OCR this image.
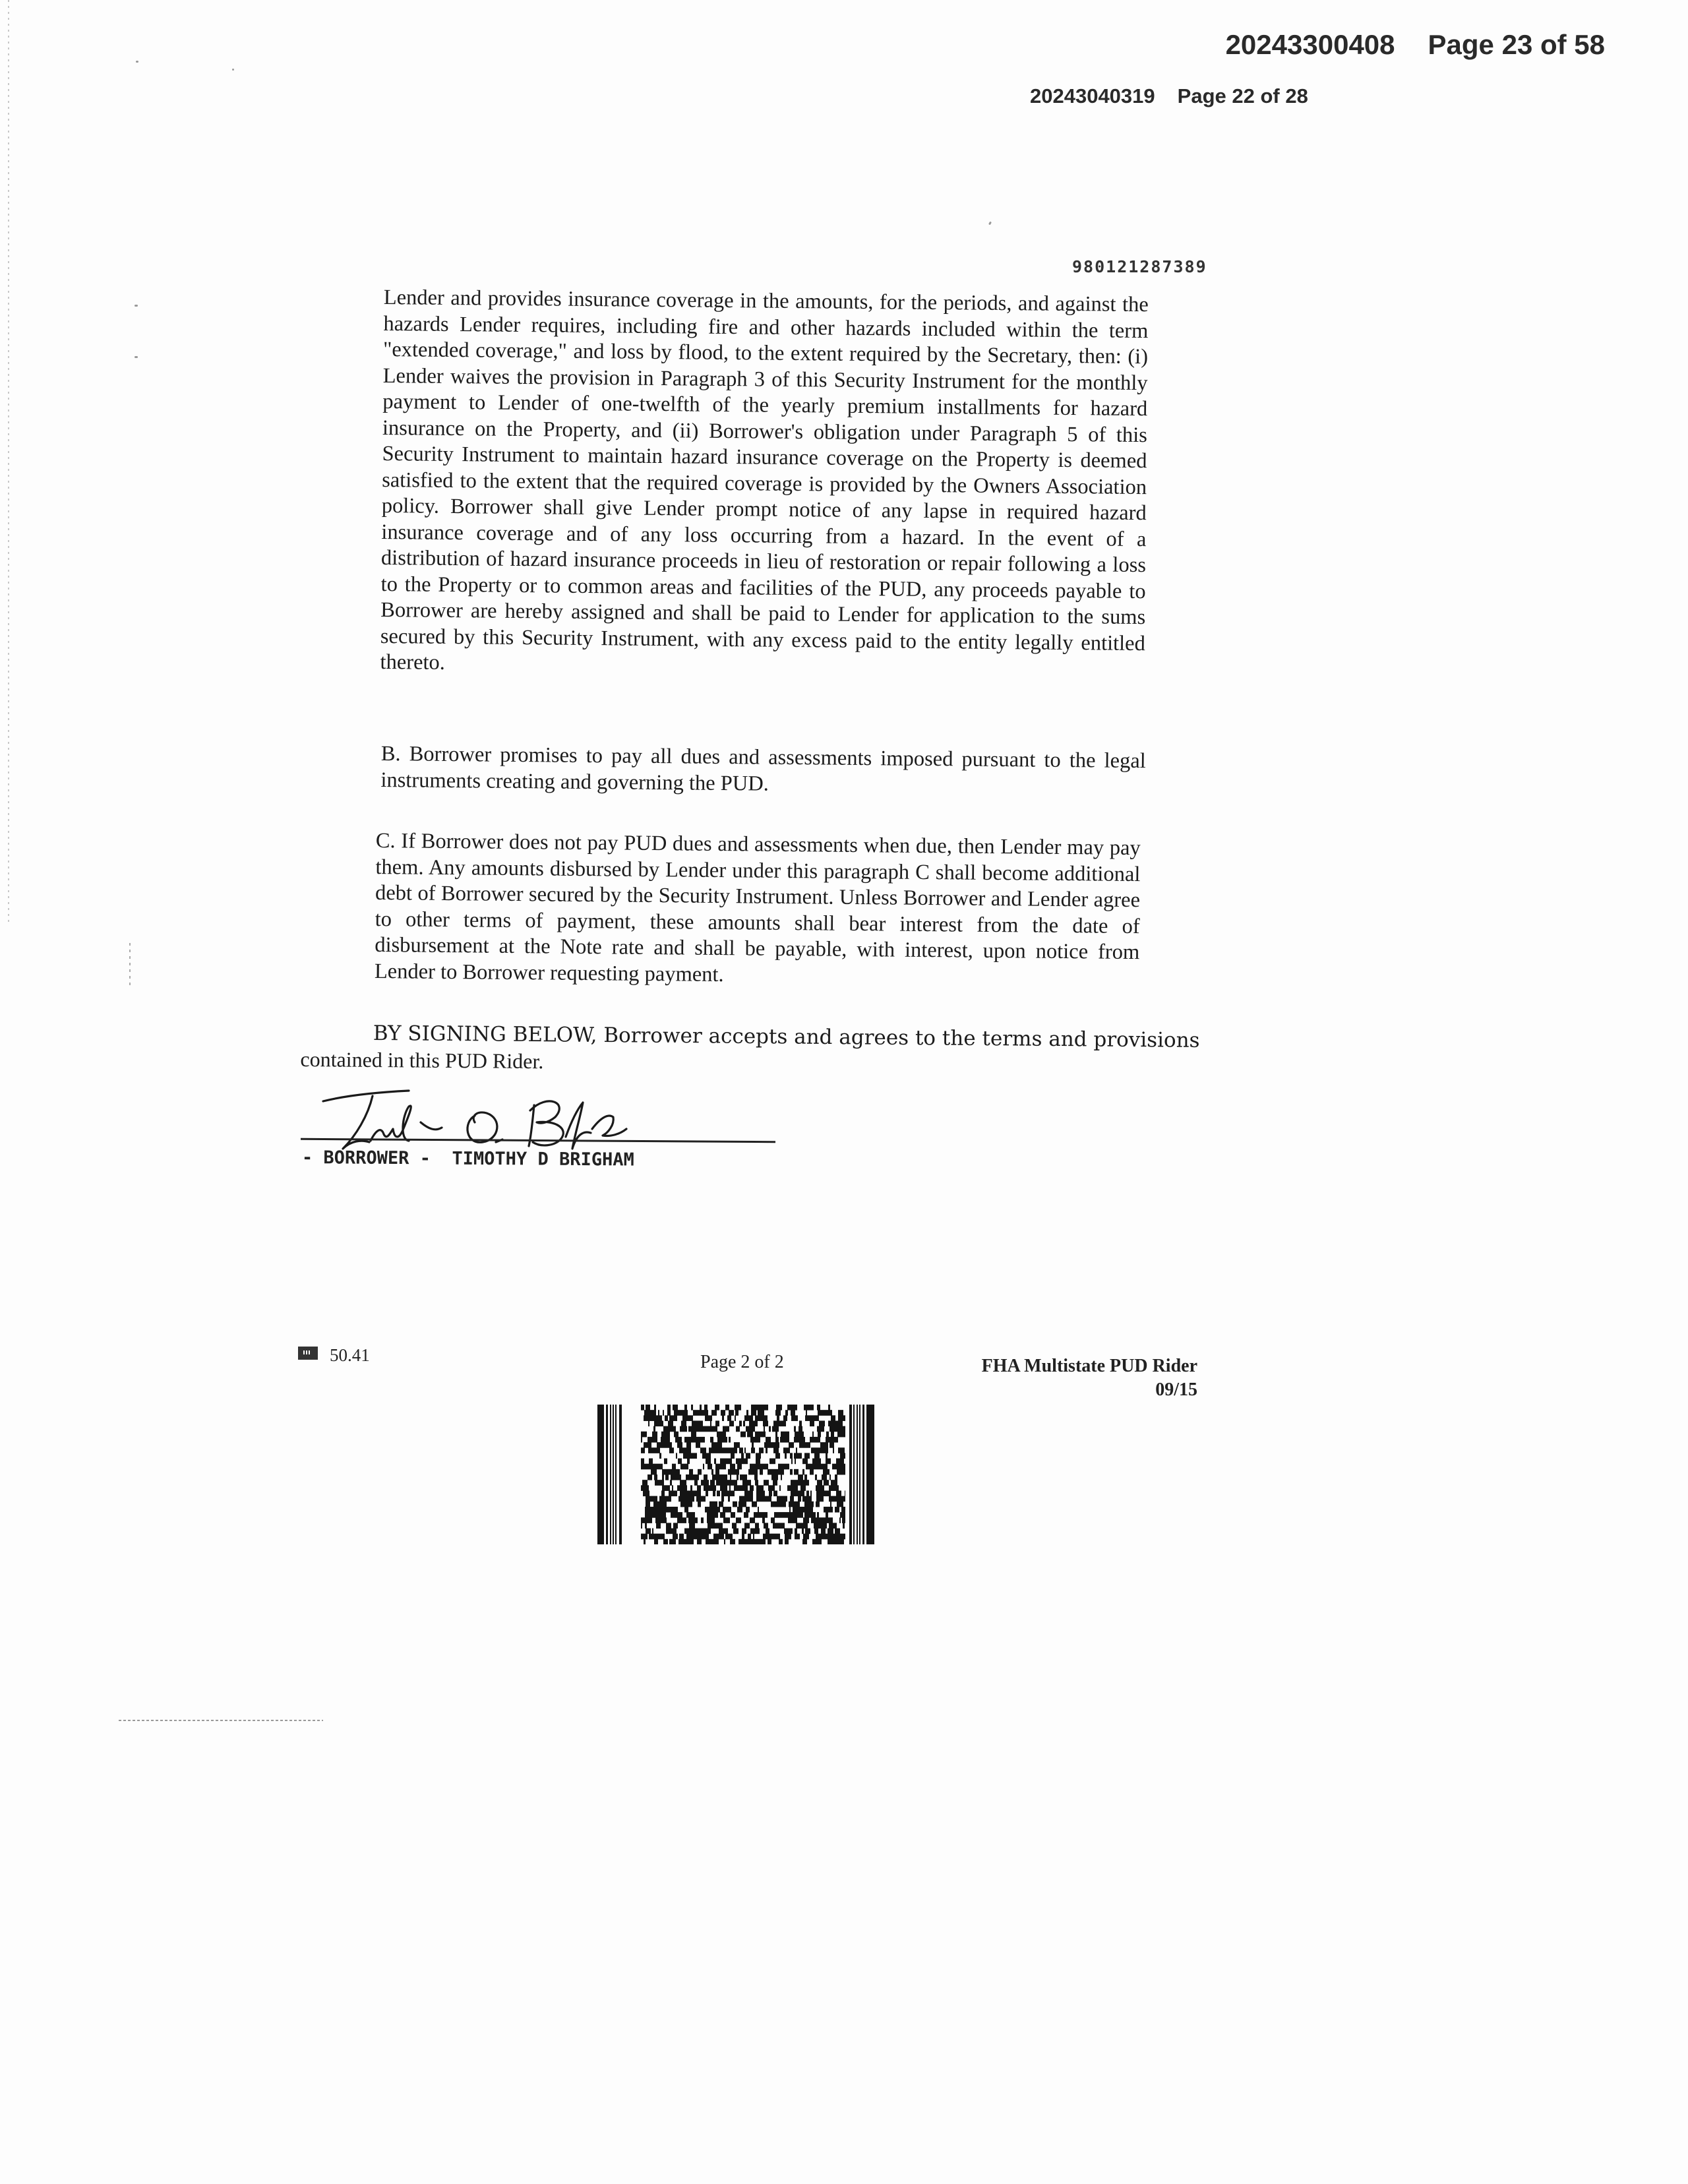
20243300408 Page 23 of 58
20243040319 Page 22 of 28
980121287389
Lender and provides insurance coverage in the amounts, for the periods, and against the hazards Lender requires, including fire and other hazards included within the term "extended coverage," and loss by flood, to the extent required by the Secretary, then: (i) Lender waives the provision in Paragraph 3 of this Security Instrument for the monthly payment to Lender of one-twelfth of the yearly premium installments for hazard insurance on the Property, and (ii) Borrower's obligation under Paragraph 5 of this Security Instrument to maintain hazard insurance coverage on the Property is deemed satisfied to the extent that the required coverage is provided by the Owners Association policy. Borrower shall give Lender prompt notice of any lapse in required hazard insurance coverage and of any loss occurring from a hazard. In the event of a distribution of hazard insurance proceeds in lieu of restoration or repair following a loss to the Property or to common areas and facilities of the PUD, any proceeds payable to Borrower are hereby assigned and shall be paid to Lender for application to the sums secured by this Security Instrument, with any excess paid to the entity legally entitled thereto.
B. Borrower promises to pay all dues and assessments imposed pursuant to the legal instruments creating and governing the PUD.
C. If Borrower does not pay PUD dues and assessments when due, then Lender may pay them. Any amounts disbursed by Lender under this paragraph C shall become additional debt of Borrower secured by the Security Instrument. Unless Borrower and Lender agree to other terms of payment, these amounts shall bear interest from the date of disbursement at the Note rate and shall be payable, with interest, upon notice from Lender to Borrower requesting payment.
BY SIGNING BELOW, Borrower accepts and agrees to the terms and provisions
contained in this PUD Rider.
- BORROWER -  TIMOTHY D BRIGHAM
50.41	Page 2 of 2	FHA Multistate PUD Rider
09/15
